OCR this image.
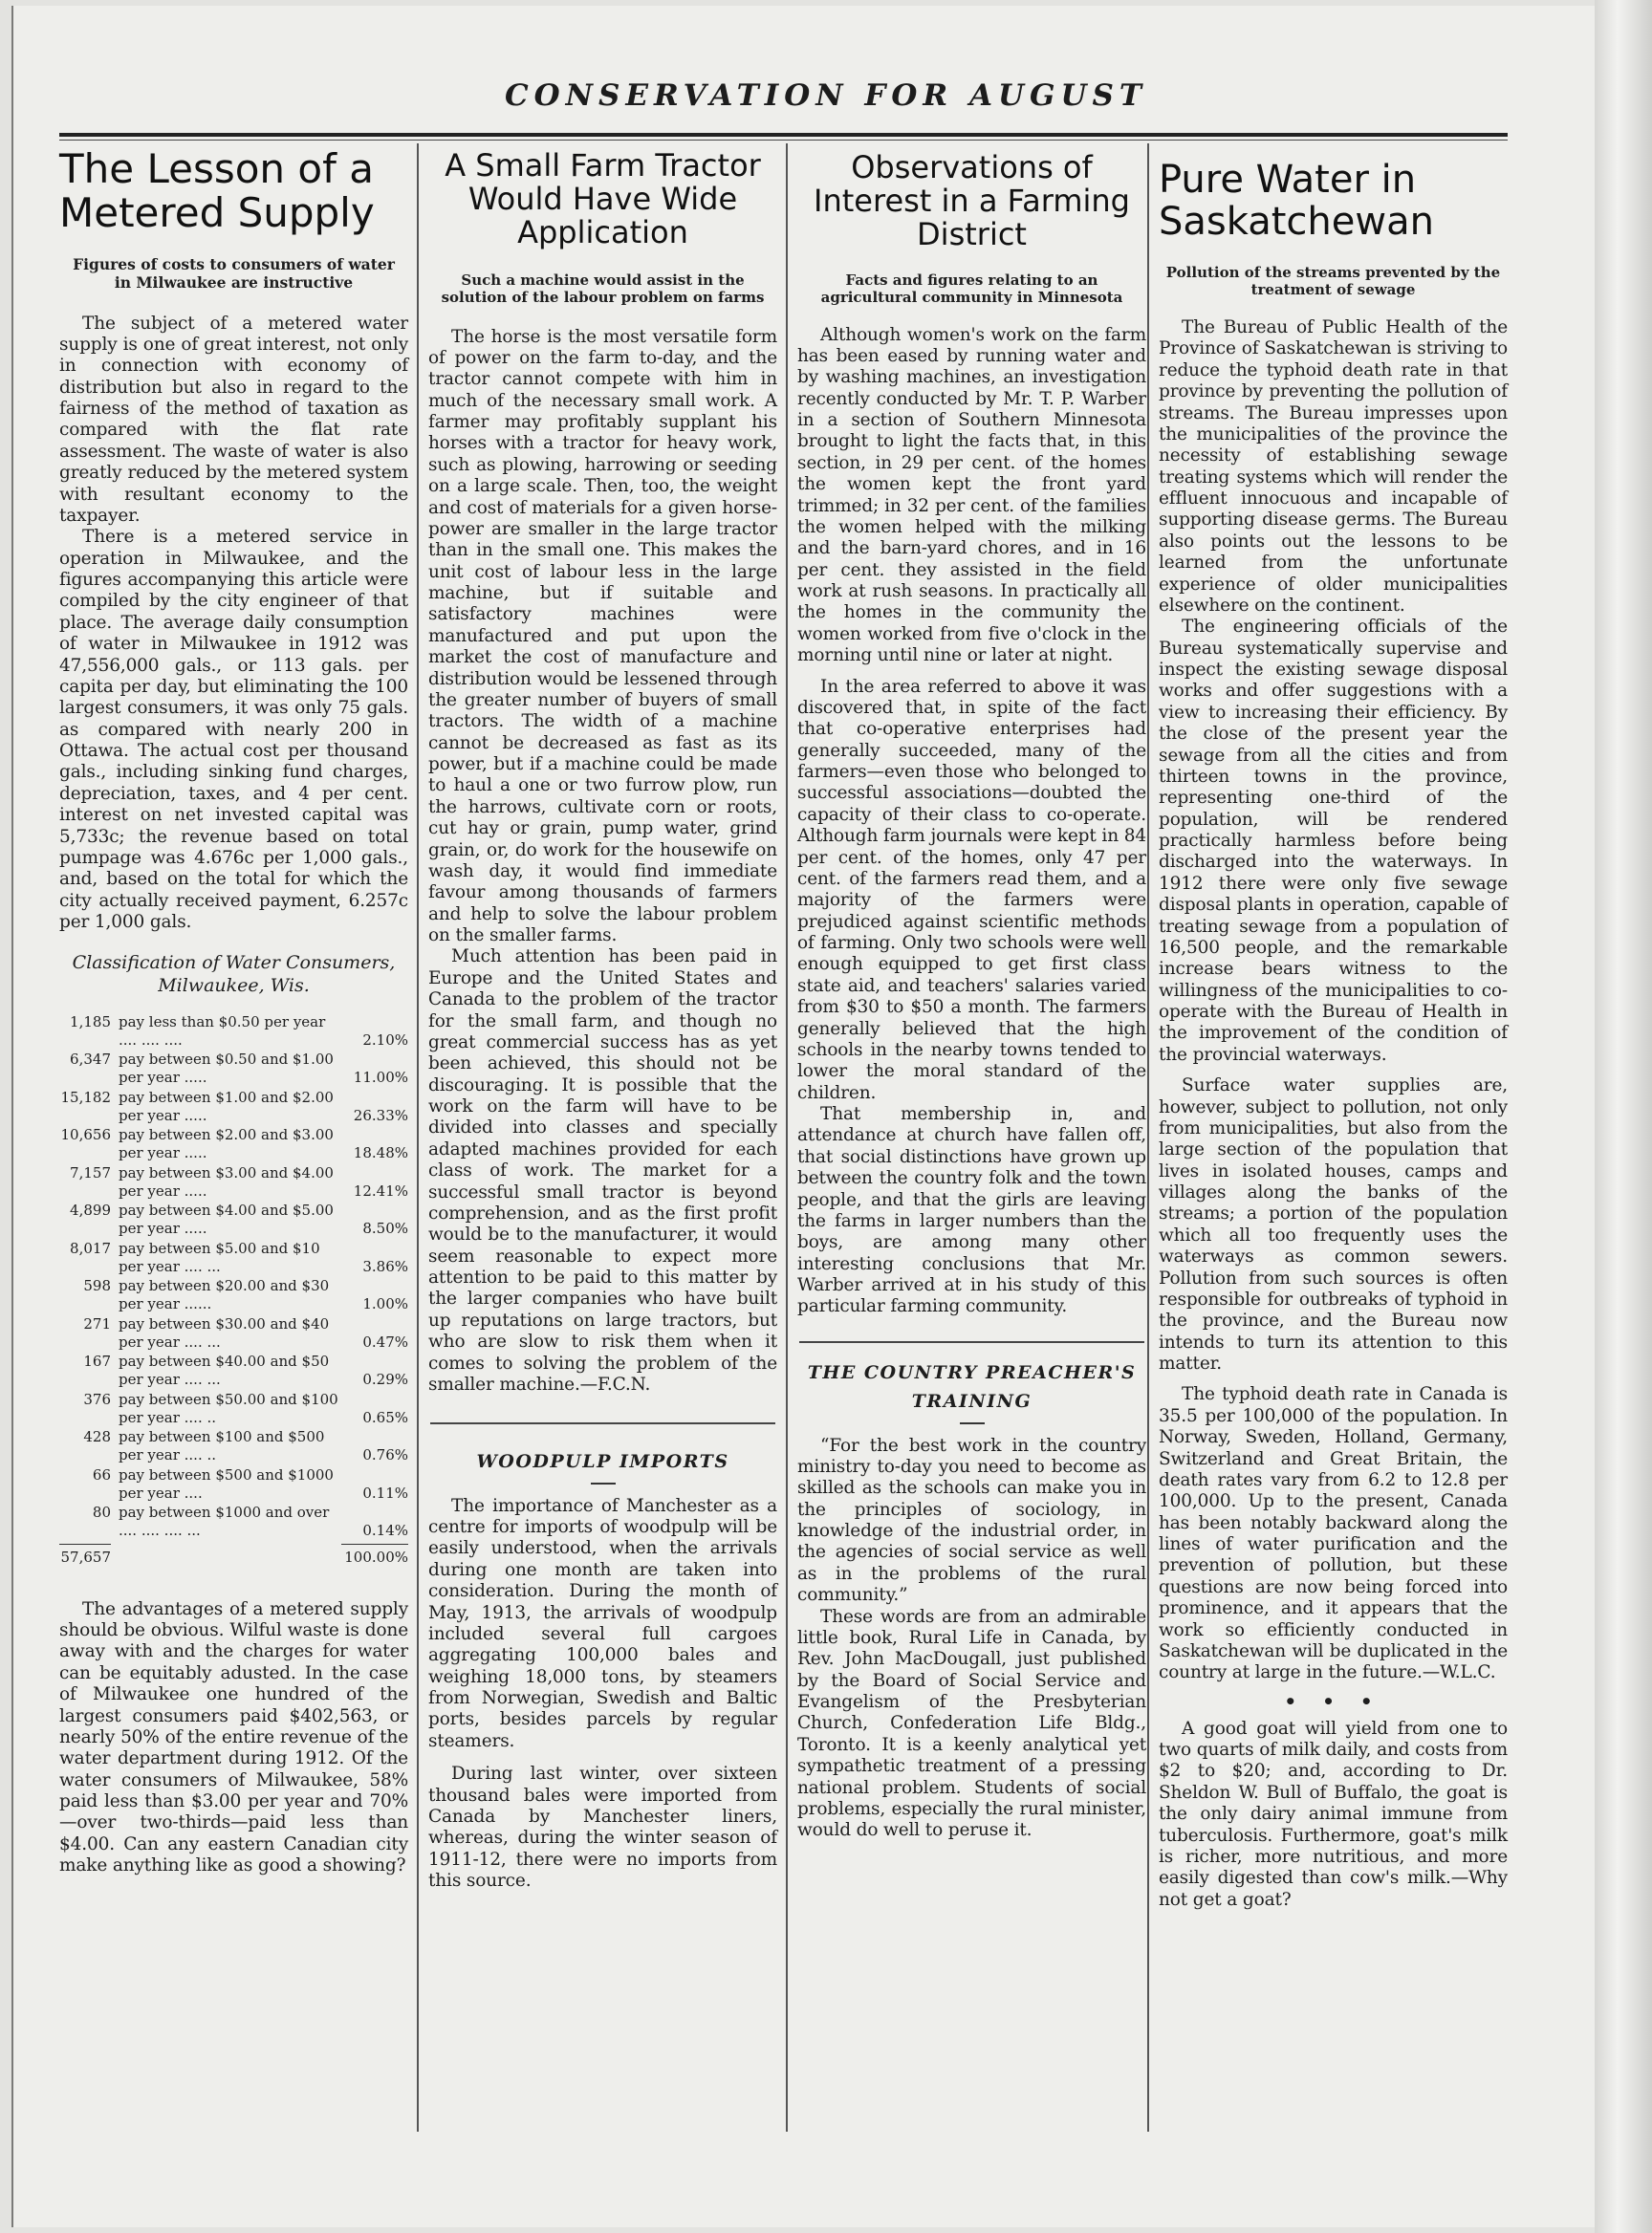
CONSERVATION FOR AUGUST
The Lesson of a Metered Supply
Figures of costs to consumers of water in Milwaukee are instructive

The subject of a metered water supply is one of great interest, not only in connection with economy of distribution but also in regard to the fairness of the method of taxation as compared with the flat rate assessment. The waste of water is also greatly reduced by the metered system with resultant economy to the taxpayer.

There is a metered service in operation in Milwaukee, and the figures accompanying this article were compiled by the city engineer of that place. The average daily consumption of water in Milwaukee in 1912 was 47,556,000 gals., or 113 gals. per capita per day, but eliminating the 100 largest consumers, it was only 75 gals. as compared with nearly 200 in Ottawa. The actual cost per thousand gals., including sinking fund charges, depreciation, taxes, and 4 per cent. interest on net invested capital was 5,733c; the revenue based on total pumpage was 4.676c per 1,000 gals., and, based on the total for which the city actually received payment, 6.257c per 1,000 gals.

Classification of Water Consumers, Milwaukee, Wis.
1,185 pay less than $0.50 per year .... .... ....	2.10%
6,347 pay between $0.50 and $1.00 per year .....	11.00%
15,182 pay between $1.00 and $2.00 per year .....	26.33%
10,656 pay between $2.00 and $3.00 per year .....	18.48%
7,157 pay between $3.00 and $4.00 per year .....	12.41%
4,899 pay between $4.00 and $5.00 per year .....	8.50%
8,017 pay between $5.00 and $10 per year .... ...	3.86%
598 pay between $20.00 and $30 per year ......	1.00%
271 pay between $30.00 and $40 per year .... ...	0.47%
167 pay between $40.00 and $50 per year .... ...	0.29%
376 pay between $50.00 and $100 per year .... ..	0.65%
428 pay between $100 and $500 per year .... ..	0.76%
66 pay between $500 and $1000 per year ....	0.11%
80 pay between $1000 and over .... .... .... ...	0.14%
57,657	100.00%

The advantages of a metered supply should be obvious. Wilful waste is done away with and the charges for water can be equitably adusted. In the case of Milwaukee one hundred of the largest consumers paid $402,563, or nearly 50% of the entire revenue of the water department during 1912. Of the water consumers of Milwaukee, 58% paid less than $3.00 per year and 70%—over two-thirds—paid less than $4.00. Can any eastern Canadian city make anything like as good a showing?

A Small Farm Tractor Would Have Wide Application
Such a machine would assist in the solution of the labour problem on farms

The horse is the most versatile form of power on the farm to-day, and the tractor cannot compete with him in much of the necessary small work. A farmer may profitably supplant his horses with a tractor for heavy work, such as plowing, harrowing or seeding on a large scale. Then, too, the weight and cost of materials for a given horse-power are smaller in the large tractor than in the small one. This makes the unit cost of labour less in the large machine, but if suitable and satisfactory machines were manufactured and put upon the market the cost of manufacture and distribution would be lessened through the greater number of buyers of small tractors. The width of a machine cannot be decreased as fast as its power, but if a machine could be made to haul a one or two furrow plow, run the harrows, cultivate corn or roots, cut hay or grain, pump water, grind grain, or, do work for the housewife on wash day, it would find immediate favour among thousands of farmers and help to solve the labour problem on the smaller farms.

Much attention has been paid in Europe and the United States and Canada to the problem of the tractor for the small farm, and though no great commercial success has as yet been achieved, this should not be discouraging. It is possible that the work on the farm will have to be divided into classes and specially adapted machines provided for each class of work. The market for a successful small tractor is beyond comprehension, and as the first profit would be to the manufacturer, it would seem reasonable to expect more attention to be paid to this matter by the larger companies who have built up reputations on large tractors, but who are slow to risk them when it comes to solving the problem of the smaller machine.—F.C.N.

WOODPULP IMPORTS

The importance of Manchester as a centre for imports of woodpulp will be easily understood, when the arrivals during one month are taken into consideration. During the month of May, 1913, the arrivals of woodpulp included several full cargoes aggregating 100,000 bales and weighing 18,000 tons, by steamers from Norwegian, Swedish and Baltic ports, besides parcels by regular steamers.

During last winter, over sixteen thousand bales were imported from Canada by Manchester liners, whereas, during the winter season of 1911-12, there were no imports from this source.

Observations of Interest in a Farming District
Facts and figures relating to an agricultural community in Minnesota

Although women's work on the farm has been eased by running water and by washing machines, an investigation recently conducted by Mr. T. P. Warber in a section of Southern Minnesota brought to light the facts that, in this section, in 29 per cent. of the homes the women kept the front yard trimmed; in 32 per cent. of the families the women helped with the milking and the barn-yard chores, and in 16 per cent. they assisted in the field work at rush seasons. In practically all the homes in the community the women worked from five o'clock in the morning until nine or later at night.

In the area referred to above it was discovered that, in spite of the fact that co-operative enterprises had generally succeeded, many of the farmers—even those who belonged to successful associations—doubted the capacity of their class to co-operate. Although farm journals were kept in 84 per cent. of the homes, only 47 per cent. of the farmers read them, and a majority of the farmers were prejudiced against scientific methods of farming. Only two schools were well enough equipped to get first class state aid, and teachers' salaries varied from $30 to $50 a month. The farmers generally believed that the high schools in the nearby towns tended to lower the moral standard of the children.

That membership in, and attendance at church have fallen off, that social distinctions have grown up between the country folk and the town people, and that the girls are leaving the farms in larger numbers than the boys, are among many other interesting conclusions that Mr. Warber arrived at in his study of this particular farming community.

THE COUNTRY PREACHER'S TRAINING

“For the best work in the country ministry to-day you need to become as skilled as the schools can make you in the principles of sociology, in knowledge of the industrial order, in the agencies of social service as well as in the problems of the rural community.”

These words are from an admirable little book, Rural Life in Canada, by Rev. John MacDougall, just published by the Board of Social Service and Evangelism of the Presbyterian Church, Confederation Life Bldg., Toronto. It is a keenly analytical yet sympathetic treatment of a pressing national problem. Students of social problems, especially the rural minister, would do well to peruse it.

Pure Water in Saskatchewan
Pollution of the streams prevented by the treatment of sewage

The Bureau of Public Health of the Province of Saskatchewan is striving to reduce the typhoid death rate in that province by preventing the pollution of streams. The Bureau impresses upon the municipalities of the province the necessity of establishing sewage treating systems which will render the effluent innocuous and incapable of supporting disease germs. The Bureau also points out the lessons to be learned from the unfortunate experience of older municipalities elsewhere on the continent.

The engineering officials of the Bureau systematically supervise and inspect the existing sewage disposal works and offer suggestions with a view to increasing their efficiency. By the close of the present year the sewage from all the cities and from thirteen towns in the province, representing one-third of the population, will be rendered practically harmless before being discharged into the waterways. In 1912 there were only five sewage disposal plants in operation, capable of treating sewage from a population of 16,500 people, and the remarkable increase bears witness to the willingness of the municipalities to co-operate with the Bureau of Health in the improvement of the condition of the provincial waterways.

Surface water supplies are, however, subject to pollution, not only from municipalities, but also from the large section of the population that lives in isolated houses, camps and villages along the banks of the streams; a portion of the population which all too frequently uses the waterways as common sewers. Pollution from such sources is often responsible for outbreaks of typhoid in the province, and the Bureau now intends to turn its attention to this matter.

The typhoid death rate in Canada is 35.5 per 100,000 of the population. In Norway, Sweden, Holland, Germany, Switzerland and Great Britain, the death rates vary from 6.2 to 12.8 per 100,000. Up to the present, Canada has been notably backward along the lines of water purification and the prevention of pollution, but these questions are now being forced into prominence, and it appears that the work so efficiently conducted in Saskatchewan will be duplicated in the country at large in the future.—W.L.C.

• • •

A good goat will yield from one to two quarts of milk daily, and costs from $2 to $20; and, according to Dr. Sheldon W. Bull of Buffalo, the goat is the only dairy animal immune from tuberculosis. Furthermore, goat's milk is richer, more nutritious, and more easily digested than cow's milk.—Why not get a goat?
